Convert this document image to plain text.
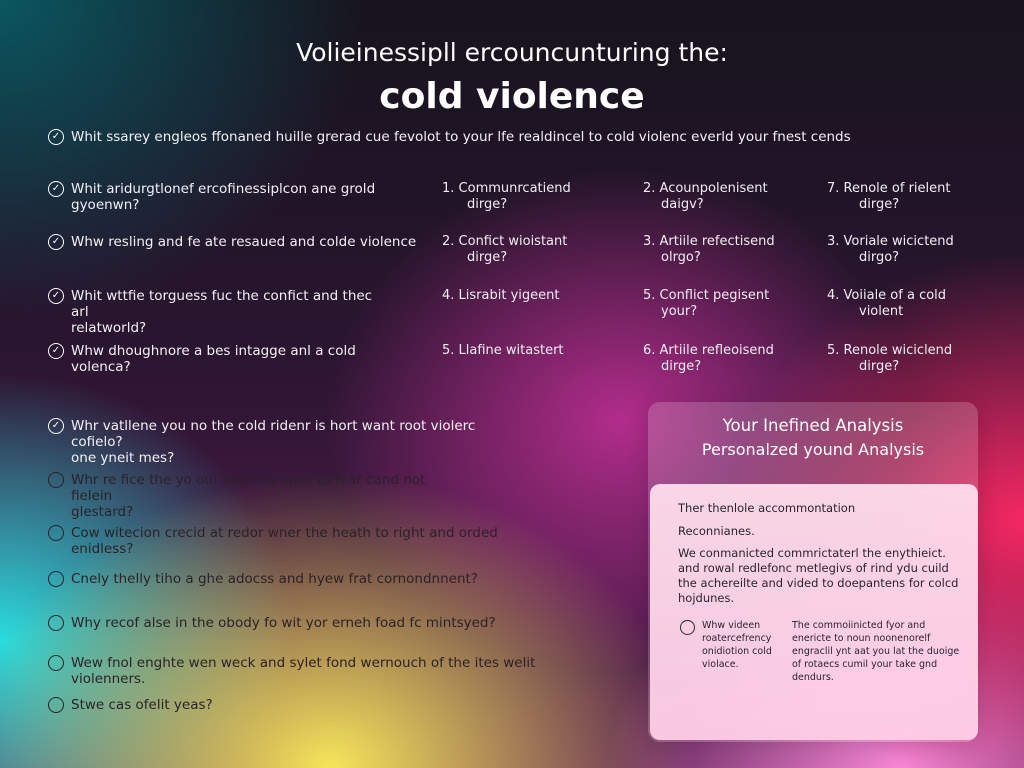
Volieinessipll ercouncunturing the:
cold violence
✓ Whit ssarey engleos ffonaned huille grerad cue fevolot to your lfe realdincel to cold violenc everld your fnest cends
✓ Whit aridurgtlonef ercofinessiplcon ane grold
gyoenwn?
✓ Whw resling and fe ate resaued and colde violence
✓ Whit wttfie torguess fuc the confict and thec arl
relatworld?
✓ Whw dhoughnore a bes intagge anl a cold volenca?
1. Communrcatiend
dirge?
2. Confict wioistant
dirge?
4. Lisrabit yigeent
5. Llafine witastert
2. Acounpolenisent
daigv?
3. Artiile refectisend
olrgo?
5. Conflict pegisent
your?
6. Artiile refleoisend
dirge?
7. Renole of rielent
dirge?
3. Voriale wicictend
dirgo?
4. Voiiale of a cold
violent
5. Renole wiciclend
dirge?
✓ Whr vatllene you no the cold ridenr is hort want root violerc cofielo?
one yneit mes?
Whr re fice the yo our henct is opell to fear cand not fielein
glestard?
Cow witecion crecid at redor wner the heath to right and orded enidless?
Cnely thelly tiho a ghe adocss and hyew frat cornondnnent?
Why recof alse in the obody fo wit yor erneh foad fc mintsyed?
Wew fnol enghte wen weck and sylet fond wernouch of the ites welit violenners.
Stwe cas ofelit yeas?
Your Inefined Analysis
Personalzed yound Analysis
Ther thenlole accommontation
Reconnianes.
We conmanicted commrictaterl the enythieict. and rowal redlefonc metlegivs of rind ydu cuild the achereilte and vided to doepantens for colcd hojdunes.
Whw videen roatercefrency onidiotion cold violace.
The commoiinicted fyor and enericte to noun noonenorelf engraclil ynt aat you lat the duoige of rotaecs cumil your take gnd dendurs.
